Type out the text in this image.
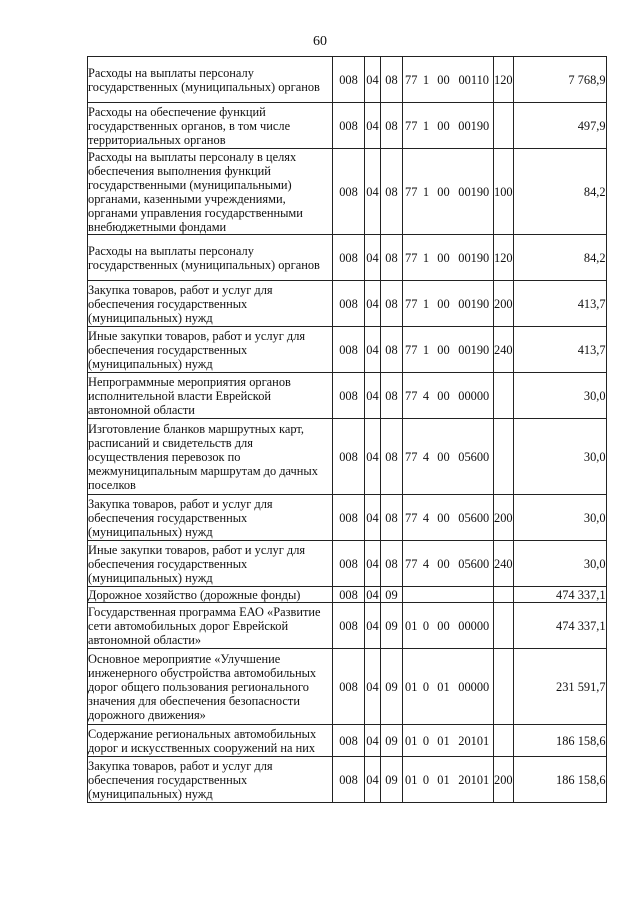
60
Расходы на выплаты персоналу государственных (муниципальных) органов	008	04	08	77	1	00	00110	120	7 768,9
Расходы на обеспечение функций государственных органов, в том числе территориальных органов	008	04	08	77	1	00	00190		497,9
Расходы на выплаты персоналу в целях обеспечения выполнения функций государственными (муниципальными) органами, казенными учреждениями, органами управления государственными внебюджетными фондами	008	04	08	77	1	00	00190	100	84,2
Расходы на выплаты персоналу государственных (муниципальных) органов	008	04	08	77	1	00	00190	120	84,2
Закупка товаров, работ и услуг для обеспечения государственных (муниципальных) нужд	008	04	08	77	1	00	00190	200	413,7
Иные закупки товаров, работ и услуг для обеспечения государственных (муниципальных) нужд	008	04	08	77	1	00	00190	240	413,7
Непрограммные мероприятия органов исполнительной власти Еврейской автономной области	008	04	08	77	4	00	00000		30,0
Изготовление бланков маршрутных карт, расписаний и свидетельств для осуществления перевозок по межмуниципальным маршрутам до дачных поселков	008	04	08	77	4	00	05600		30,0
Закупка товаров, работ и услуг для обеспечения государственных (муниципальных) нужд	008	04	08	77	4	00	05600	200	30,0
Иные закупки товаров, работ и услуг для обеспечения государственных (муниципальных) нужд	008	04	08	77	4	00	05600	240	30,0
Дорожное хозяйство (дорожные фонды)	008	04	09						474 337,1
Государственная программа ЕАО «Развитие сети автомобильных дорог Еврейской автономной области»	008	04	09	01	0	00	00000		474 337,1
Основное мероприятие «Улучшение инженерного обустройства автомобильных дорог общего пользования регионального значения для обеспечения безопасности дорожного движения»	008	04	09	01	0	01	00000		231 591,7
Содержание региональных автомобильных дорог и искусственных сооружений на них	008	04	09	01	0	01	20101		186 158,6
Закупка товаров, работ и услуг для обеспечения государственных (муниципальных) нужд	008	04	09	01	0	01	20101	200	186 158,6
